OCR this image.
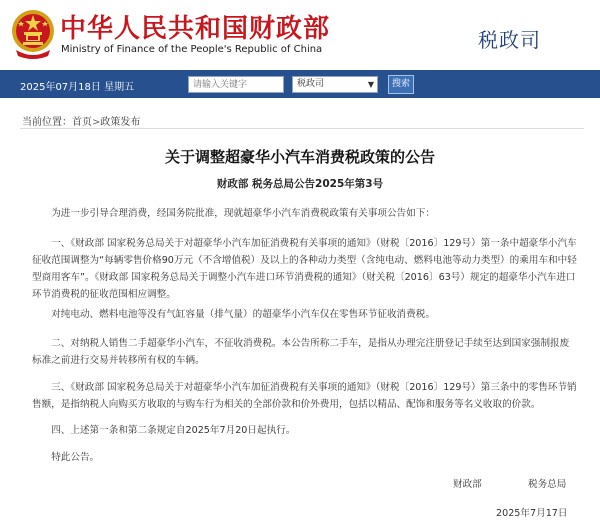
中华人民共和国财政部
Ministry of Finance of the People's Republic of China	税政司
2025年07月18日 星期五
请输入关键字	税政司	▼	搜索
当前位置：首页>政策发布
关于调整超豪华小汽车消费税政策的公告
财政部 税务总局公告2025年第3号

为进一步引导合理消费，经国务院批准，现就超豪华小汽车消费税政策有关事项公告如下：

一、《财政部 国家税务总局关于对超豪华小汽车加征消费税有关事项的通知》（财税〔2016〕129号）第一条中超豪华小汽车征收范围调整为“每辆零售价格90万元（不含增值税）及以上的各种动力类型（含纯电动、燃料电池等动力类型）的乘用车和中轻型商用客车”。《财政部 国家税务总局关于调整小汽车进口环节消费税的通知》（财关税〔2016〕63号）规定的超豪华小汽车进口环节消费税的征收范围相应调整。

对纯电动、燃料电池等没有气缸容量（排气量）的超豪华小汽车仅在零售环节征收消费税。

二、对纳税人销售二手超豪华小汽车，不征收消费税。本公告所称二手车，是指从办理完注册登记手续至达到国家强制报废标准之前进行交易并转移所有权的车辆。

三、《财政部 国家税务总局关于对超豪华小汽车加征消费税有关事项的通知》（财税〔2016〕129号）第三条中的零售环节销售额，是指纳税人向购买方收取的与购车行为相关的全部价款和价外费用，包括以精品、配饰和服务等名义收取的价款。

四、上述第一条和第二条规定自2025年7月20日起执行。

特此公告。

财政部	税务总局
2025年7月17日
